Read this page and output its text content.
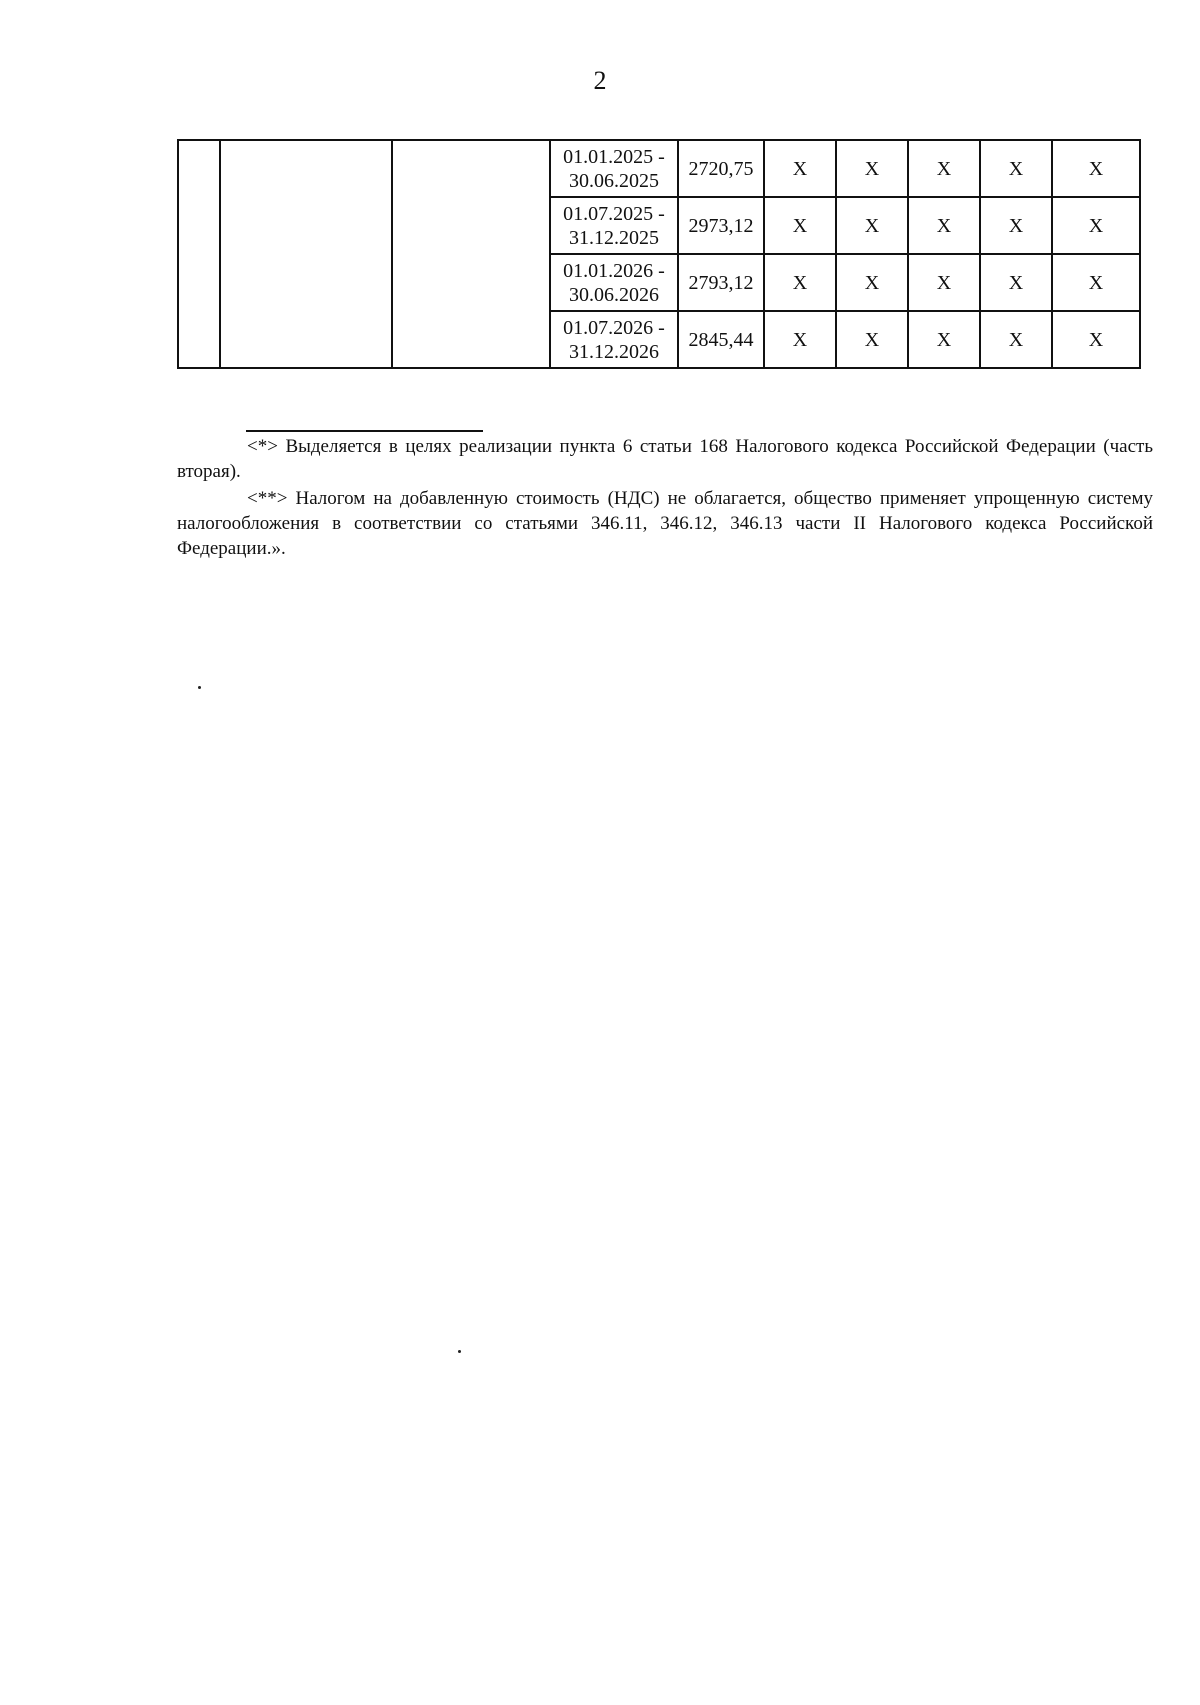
2

			01.01.2025 -
30.06.2025	2720,75	X	X	X	X	X

			01.07.2025 -
31.12.2025	2973,12	X	X	X	X	X

			01.01.2026 -
30.06.2026	2793,12	X	X	X	X	X

			01.07.2026 -
31.12.2026	2845,44	X	X	X	X	X

<*> Выделяется в целях реализации пункта 6 статьи 168 Налогового кодекса Российской Федерации (часть вторая).

<**> Налогом на добавленную стоимость (НДС) не облагается, общество применяет упрощенную систему налогообложения в соответствии со статьями 346.11, 346.12, 346.13 части II Налогового кодекса Российской Федерации.».
